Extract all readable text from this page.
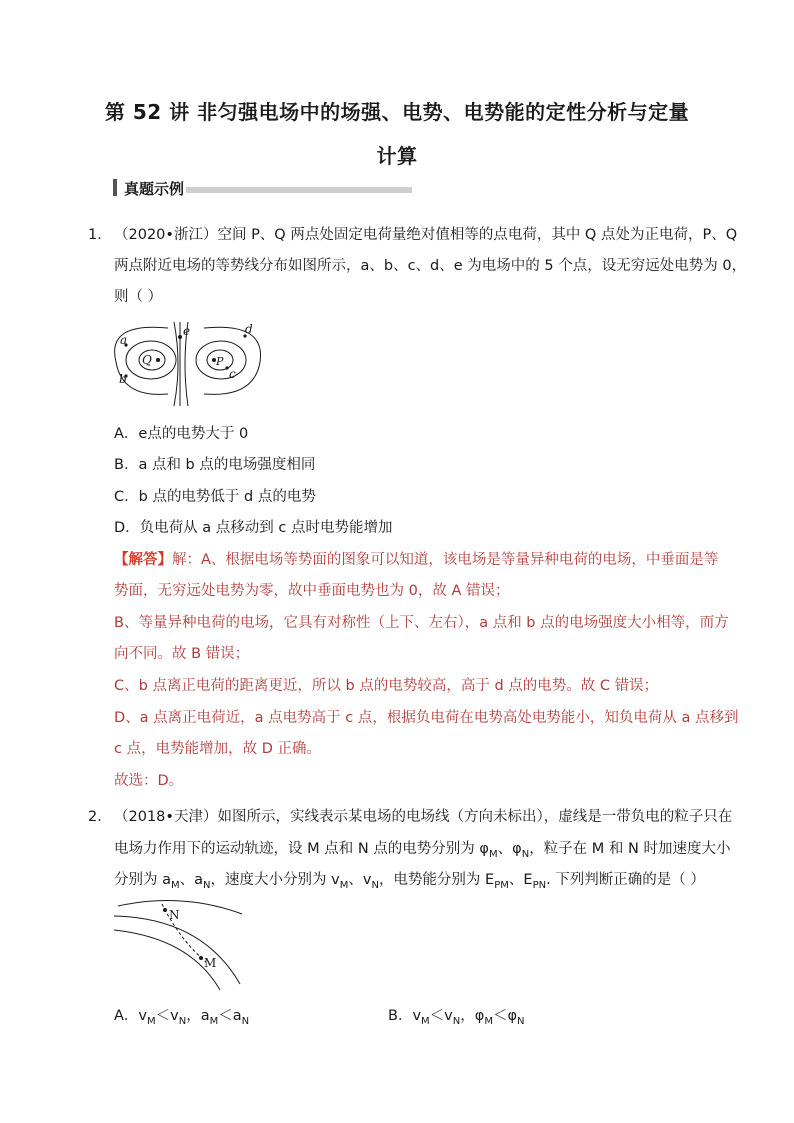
第 52 讲 非匀强电场中的场强、电势、电势能的定性分析与定量
计算
真题示例
1． （2020•浙江）空间 P、Q 两点处固定电荷量绝对值相等的点电荷，其中 Q 点处为正电荷，P、Q
两点附近电场的等势线分布如图所示，a、b、c、d、e 为电场中的 5 个点，设无穷远处电势为 0，
则（ ）
Q	P
e
a
b	c
d
A．e点的电势大于 0
B．a 点和 b 点的电场强度相同
C．b 点的电势低于 d 点的电势
D．负电荷从 a 点移动到 c 点时电势能增加
【解答】解：A、根据电场等势面的图象可以知道，该电场是等量异种电荷的电场，中垂面是等
势面，无穷远处电势为零，故中垂面电势也为 0，故 A 错误；
B、等量异种电荷的电场，它具有对称性（上下、左右），a 点和 b 点的电场强度大小相等，而方
向不同。故 B 错误；
C、b 点离正电荷的距离更近，所以 b 点的电势较高，高于 d 点的电势。故 C 错误；
D、a 点离正电荷近，a 点电势高于 c 点，根据负电荷在电势高处电势能小，知负电荷从 a 点移到
c 点，电势能增加，故 D 正确。
故选：D。
2． （2018•天津）如图所示，实线表示某电场的电场线（方向未标出），虚线是一带负电的粒子只在
电场力作用下的运动轨迹，设 M 点和 N 点的电势分别为 $\varphi_M$、$\varphi_N$，粒子在 M 和 N 时加速度大小
分别为 $a_M$、$a_N$，速度大小分别为 $v_M$、$v_N$，电势能分别为 $E_{PM}$、$E_{PN}$. 下列判断正确的是（ ）
N
M
A．$v_M<v_N$，$a_M<a_N$	B．$v_M<v_N$，$\varphi_M<\varphi_N$
